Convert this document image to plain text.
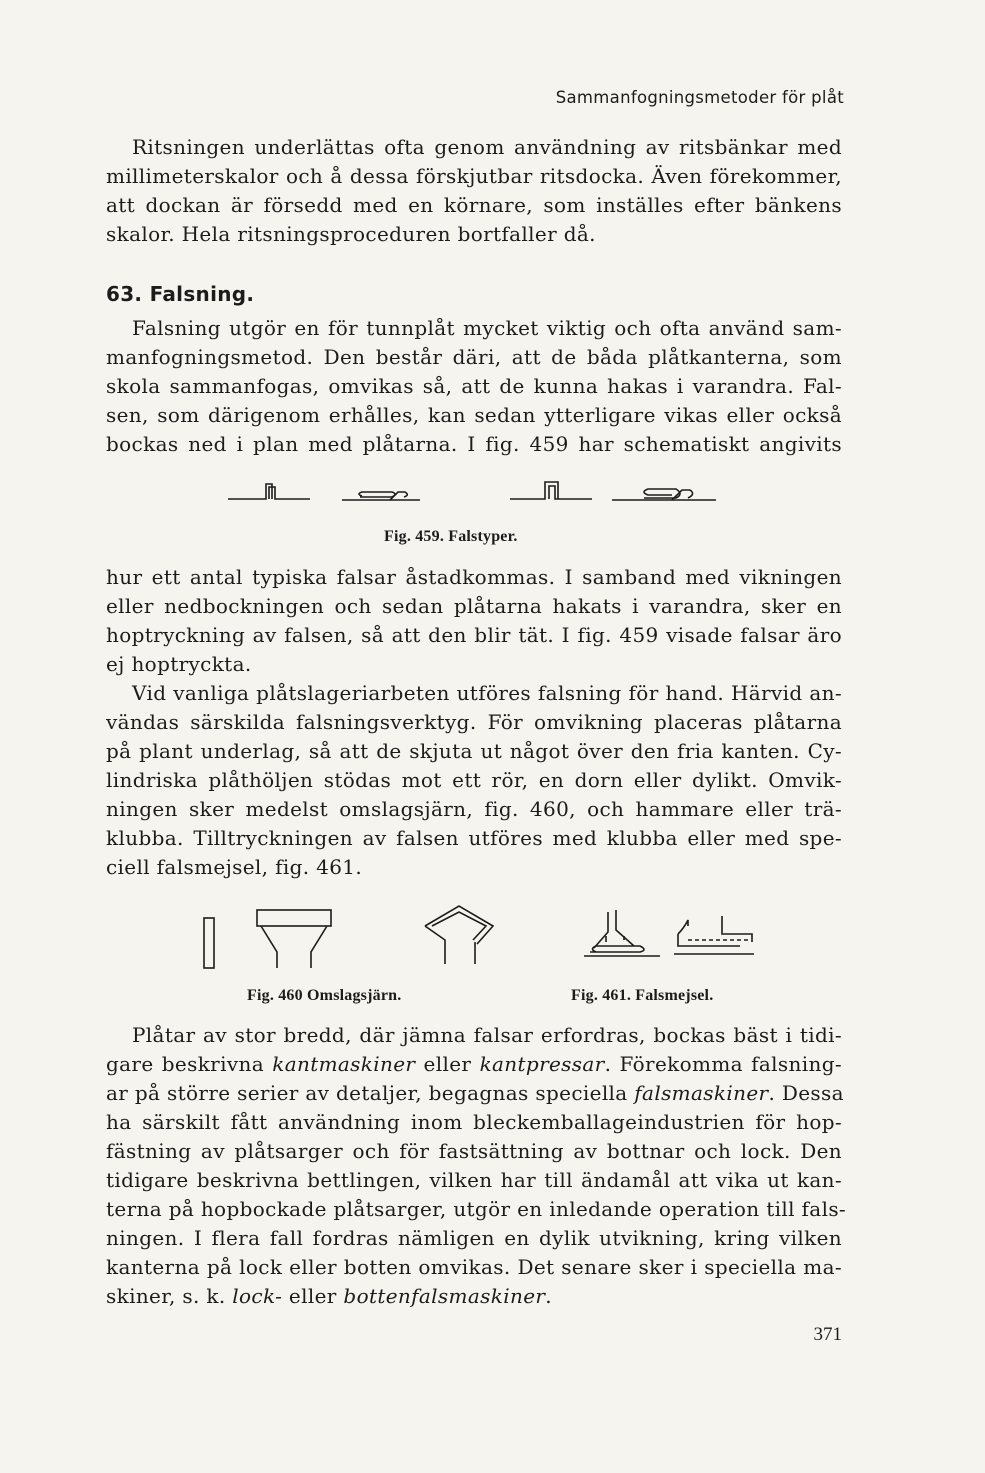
Sammanfogningsmetoder för plåt
Ritsningen underlättas ofta genom användning av ritsbänkar med
millimeterskalor och å dessa förskjutbar ritsdocka. Även förekommer,
att dockan är försedd med en körnare, som inställes efter bänkens
skalor. Hela ritsningsproceduren bortfaller då.
63. Falsning.
Falsning utgör en för tunnplåt mycket viktig och ofta använd sam-
manfogningsmetod. Den består däri, att de båda plåtkanterna, som
skola sammanfogas, omvikas så, att de kunna hakas i varandra. Fal-
sen, som därigenom erhålles, kan sedan ytterligare vikas eller också
bockas ned i plan med plåtarna. I fig. 459 har schematiskt angivits
Fig. 459. Falstyper.
hur ett antal typiska falsar åstadkommas. I samband med vikningen
eller nedbockningen och sedan plåtarna hakats i varandra, sker en
hoptryckning av falsen, så att den blir tät. I fig. 459 visade falsar äro
ej hoptryckta.
Vid vanliga plåtslageriarbeten utföres falsning för hand. Härvid an-
vändas särskilda falsningsverktyg. För omvikning placeras plåtarna
på plant underlag, så att de skjuta ut något över den fria kanten. Cy-
lindriska plåthöljen stödas mot ett rör, en dorn eller dylikt. Omvik-
ningen sker medelst omslagsjärn, fig. 460, och hammare eller trä-
klubba. Tilltryckningen av falsen utföres med klubba eller med spe-
ciell falsmejsel, fig. 461.
Fig. 460 Omslagsjärn.	Fig. 461. Falsmejsel.
Plåtar av stor bredd, där jämna falsar erfordras, bockas bäst i tidi-
gare beskrivna kantmaskiner eller kantpressar. Förekomma falsning-
ar på större serier av detaljer, begagnas speciella falsmaskiner. Dessa
ha särskilt fått användning inom bleckemballageindustrien för hop-
fästning av plåtsarger och för fastsättning av bottnar och lock. Den
tidigare beskrivna bettlingen, vilken har till ändamål att vika ut kan-
terna på hopbockade plåtsarger, utgör en inledande operation till fals-
ningen. I flera fall fordras nämligen en dylik utvikning, kring vilken
kanterna på lock eller botten omvikas. Det senare sker i speciella ma-
skiner, s. k. lock- eller bottenfalsmaskiner.
371
